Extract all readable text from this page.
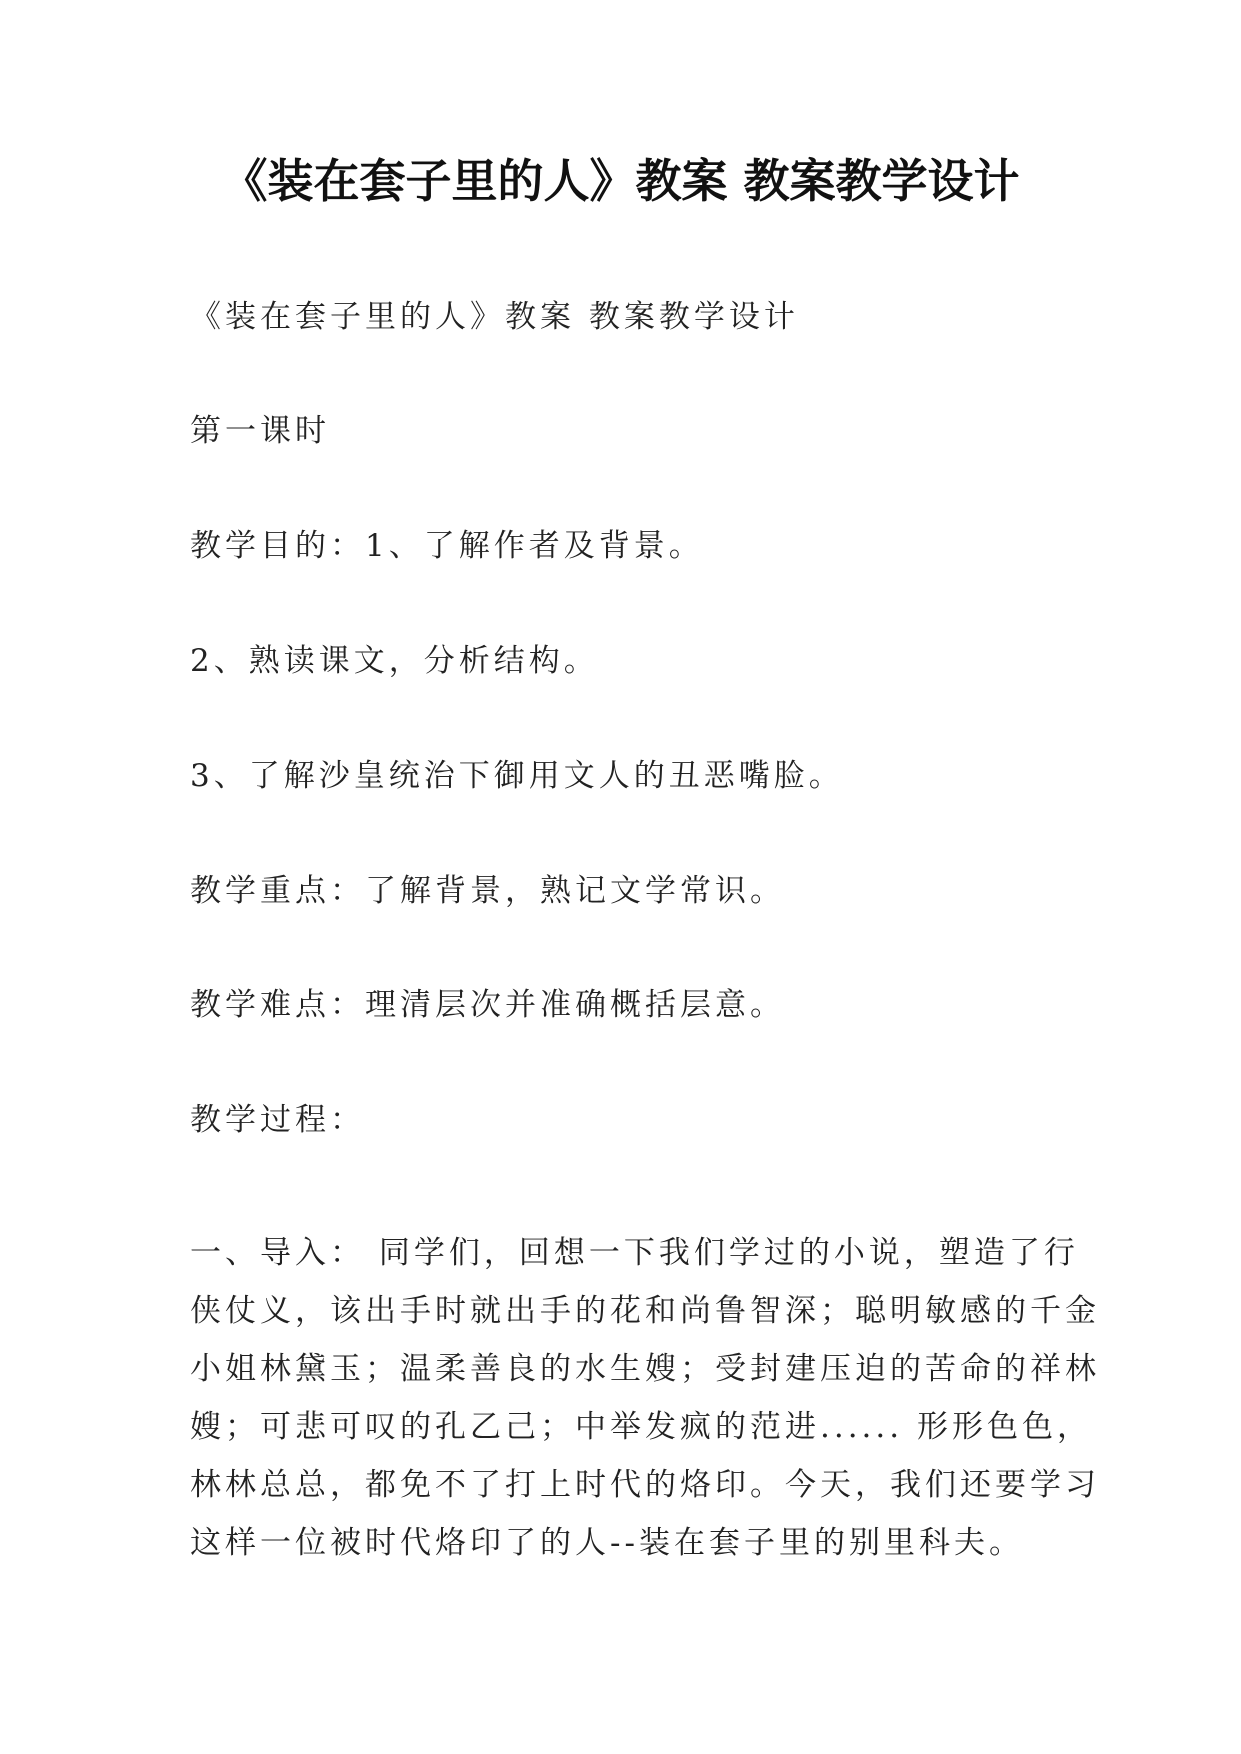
《装在套子里的人》教案 教案教学设计
《装在套子里的人》教案 教案教学设计
第一课时
教学目的：1、了解作者及背景。
2、熟读课文，分析结构。
3、了解沙皇统治下御用文人的丑恶嘴脸。
教学重点：了解背景，熟记文学常识。
教学难点：理清层次并准确概括层意。
教学过程：
一、导入： 同学们，回想一下我们学过的小说，塑造了行
侠仗义，该出手时就出手的花和尚鲁智深；聪明敏感的千金
小姐林黛玉；温柔善良的水生嫂；受封建压迫的苦命的祥林
嫂；可悲可叹的孔乙己；中举发疯的范进...... 形形色色，
林林总总，都免不了打上时代的烙印。今天，我们还要学习
这样一位被时代烙印了的人--装在套子里的别里科夫。
